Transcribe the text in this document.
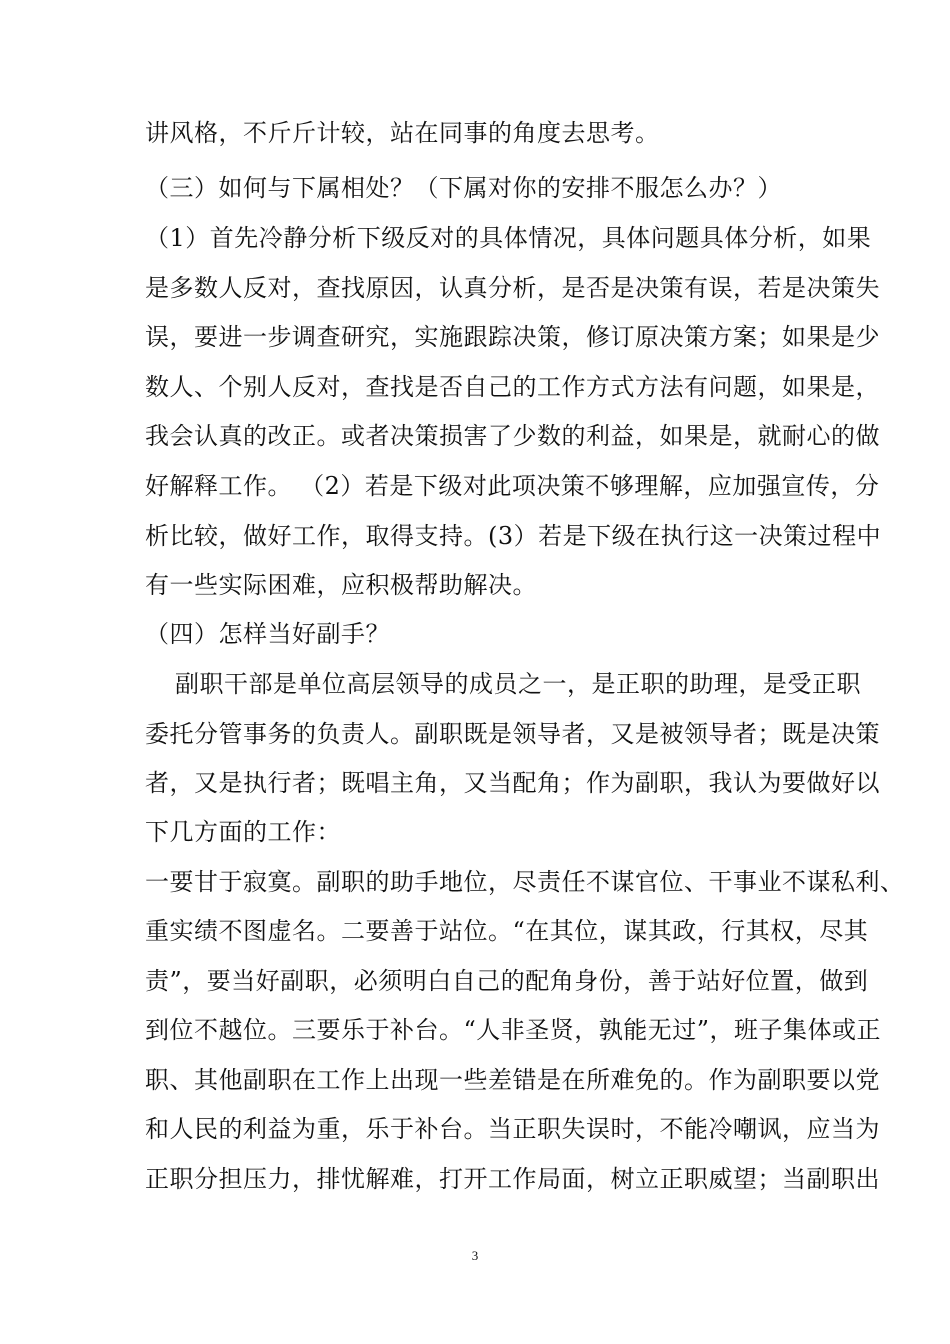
讲风格，不斤斤计较，站在同事的角度去思考。
（三）如何与下属相处？（下属对你的安排不服怎么办？）
（1）首先冷静分析下级反对的具体情况，具体问题具体分析，如果
是多数人反对，查找原因，认真分析，是否是决策有误，若是决策失
误，要进一步调查研究，实施跟踪决策，修订原决策方案；如果是少
数人、个别人反对，查找是否自己的工作方式方法有问题，如果是，
我会认真的改正。或者决策损害了少数的利益，如果是，就耐心的做
好解释工作。 （2）若是下级对此项决策不够理解，应加强宣传，分
析比较，做好工作，取得支持。(3）若是下级在执行这一决策过程中
有一些实际困难，应积极帮助解决。
（四）怎样当好副手？
副职干部是单位高层领导的成员之一，是正职的助理，是受正职
委托分管事务的负责人。副职既是领导者，又是被领导者；既是决策
者，又是执行者；既唱主角，又当配角；作为副职，我认为要做好以
下几方面的工作：
一要甘于寂寞。副职的助手地位，尽责任不谋官位、干事业不谋私利、
重实绩不图虚名。二要善于站位。“在其位，谋其政，行其权，尽其
责”，要当好副职，必须明白自己的配角身份，善于站好位置，做到
到位不越位。三要乐于补台。“人非圣贤，孰能无过”，班子集体或正
职、其他副职在工作上出现一些差错是在所难免的。作为副职要以党
和人民的利益为重，乐于补台。当正职失误时，不能冷嘲讽，应当为
正职分担压力，排忧解难，打开工作局面，树立正职威望；当副职出
3
